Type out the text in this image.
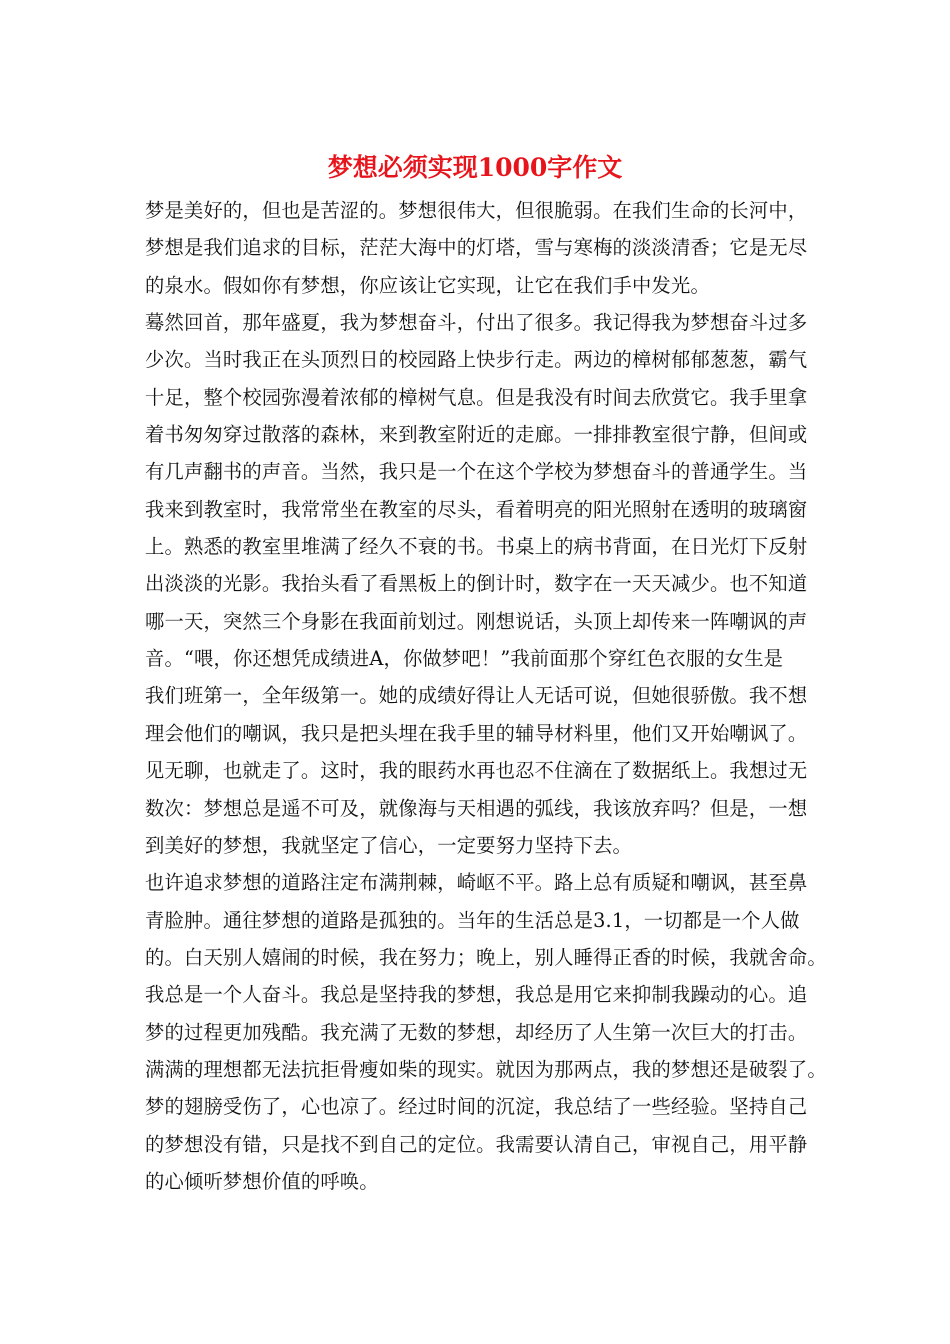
梦想必须实现1000字作文
梦是美好的，但也是苦涩的。梦想很伟大，但很脆弱。在我们生命的长河中，
梦想是我们追求的目标，茫茫大海中的灯塔，雪与寒梅的淡淡清香；它是无尽
的泉水。假如你有梦想，你应该让它实现，让它在我们手中发光。
蓦然回首，那年盛夏，我为梦想奋斗，付出了很多。我记得我为梦想奋斗过多
少次。当时我正在头顶烈日的校园路上快步行走。两边的樟树郁郁葱葱，霸气
十足，整个校园弥漫着浓郁的樟树气息。但是我没有时间去欣赏它。我手里拿
着书匆匆穿过散落的森林，来到教室附近的走廊。一排排教室很宁静，但间或
有几声翻书的声音。当然，我只是一个在这个学校为梦想奋斗的普通学生。当
我来到教室时，我常常坐在教室的尽头，看着明亮的阳光照射在透明的玻璃窗
上。熟悉的教室里堆满了经久不衰的书。书桌上的病书背面，在日光灯下反射
出淡淡的光影。我抬头看了看黑板上的倒计时，数字在一天天减少。也不知道
哪一天，突然三个身影在我面前划过。刚想说话，头顶上却传来一阵嘲讽的声
音。“喂，你还想凭成绩进A，你做梦吧！”我前面那个穿红色衣服的女生是
我们班第一，全年级第一。她的成绩好得让人无话可说，但她很骄傲。我不想
理会他们的嘲讽，我只是把头埋在我手里的辅导材料里，他们又开始嘲讽了。
见无聊，也就走了。这时，我的眼药水再也忍不住滴在了数据纸上。我想过无
数次：梦想总是遥不可及，就像海与天相遇的弧线，我该放弃吗？但是，一想
到美好的梦想，我就坚定了信心，一定要努力坚持下去。
也许追求梦想的道路注定布满荆棘，崎岖不平。路上总有质疑和嘲讽，甚至鼻
青脸肿。通往梦想的道路是孤独的。当年的生活总是3.1，一切都是一个人做
的。白天别人嬉闹的时候，我在努力；晚上，别人睡得正香的时候，我就舍命。
我总是一个人奋斗。我总是坚持我的梦想，我总是用它来抑制我躁动的心。追
梦的过程更加残酷。我充满了无数的梦想，却经历了人生第一次巨大的打击。
满满的理想都无法抗拒骨瘦如柴的现实。就因为那两点，我的梦想还是破裂了。
梦的翅膀受伤了，心也凉了。经过时间的沉淀，我总结了一些经验。坚持自己
的梦想没有错，只是找不到自己的定位。我需要认清自己，审视自己，用平静
的心倾听梦想价值的呼唤。
